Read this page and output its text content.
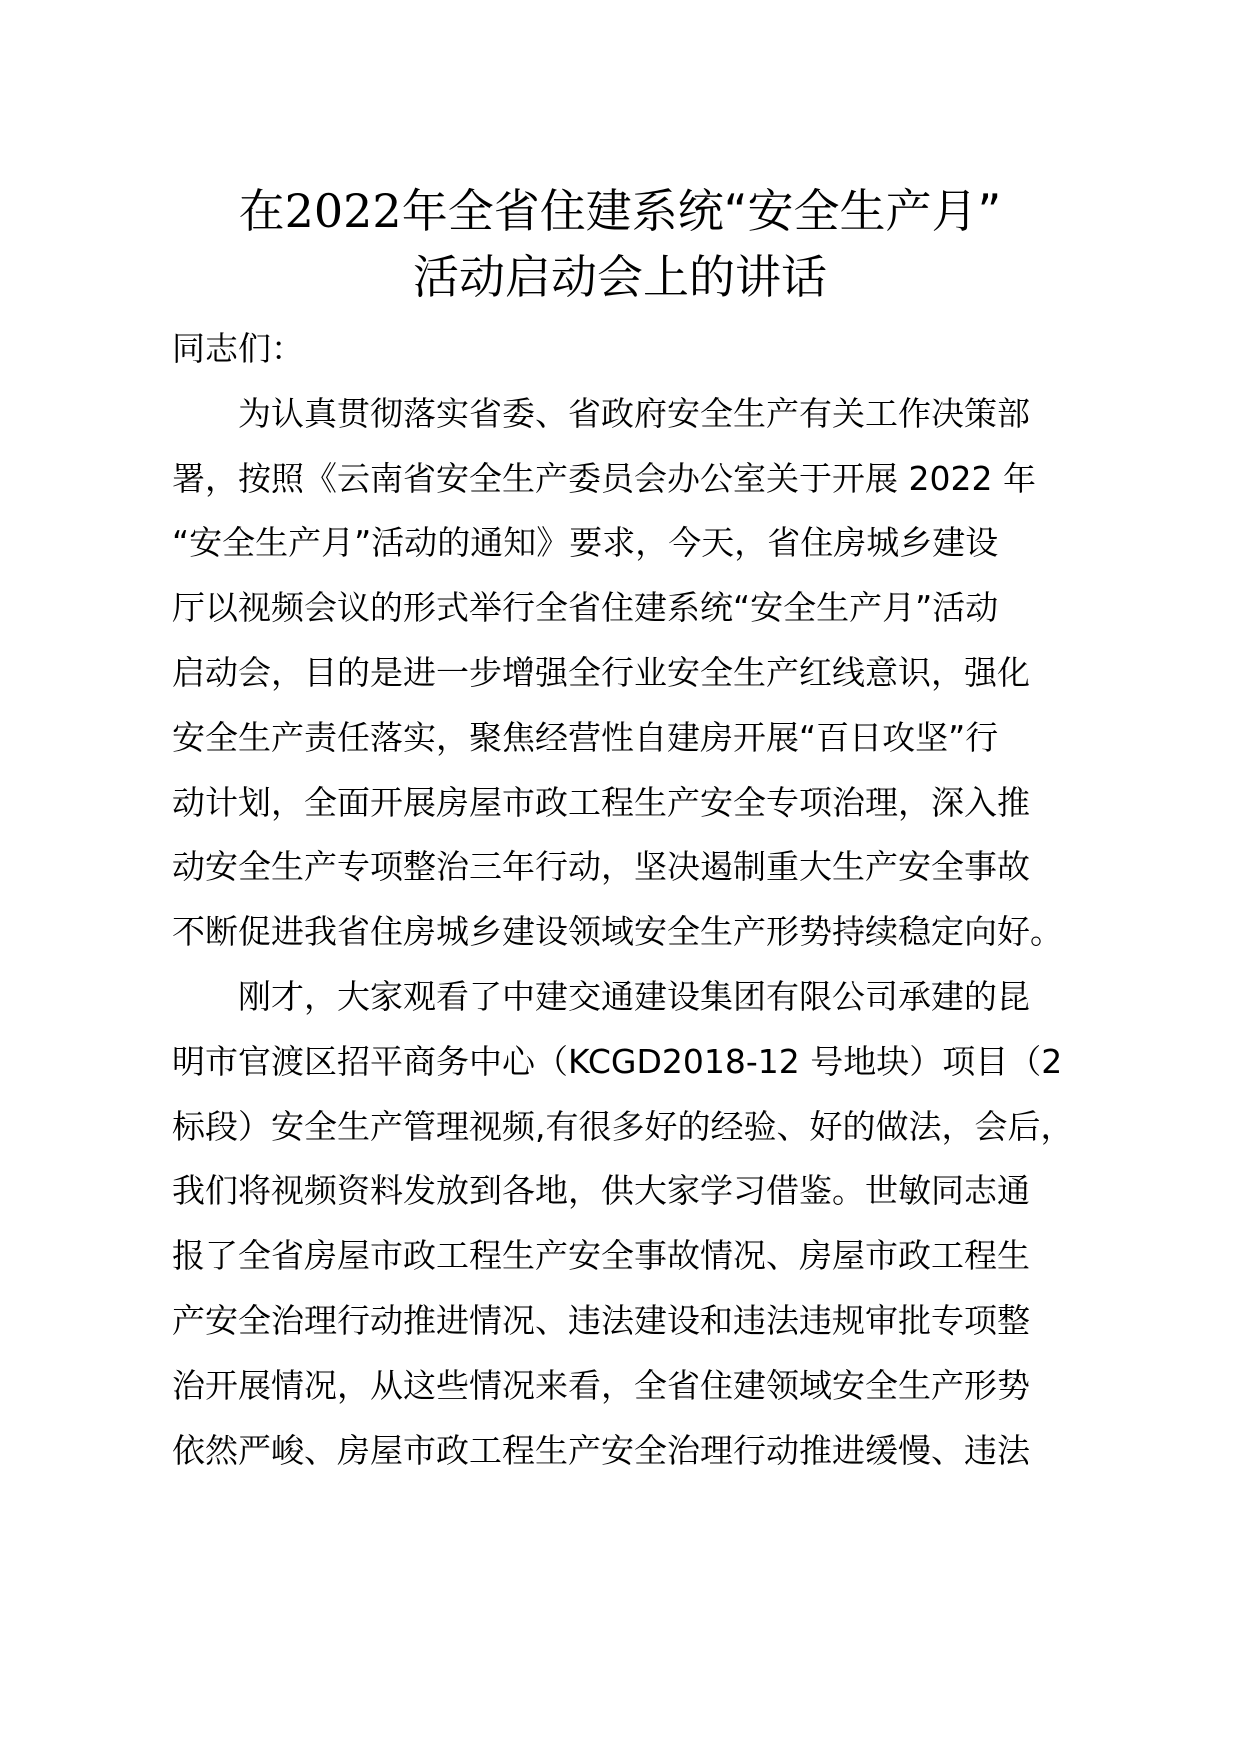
在2022年全省住建系统“安全生产月”
活动启动会上的讲话
同志们：
为认真贯彻落实省委、省政府安全生产有关工作决策部
署，按照《云南省安全生产委员会办公室关于开展 2022 年
“安全生产月”活动的通知》要求，今天，省住房城乡建设
厅以视频会议的形式举行全省住建系统“安全生产月”活动
启动会，目的是进一步增强全行业安全生产红线意识，强化
安全生产责任落实，聚焦经营性自建房开展“百日攻坚”行
动计划，全面开展房屋市政工程生产安全专项治理，深入推
动安全生产专项整治三年行动，坚决遏制重大生产安全事故
不断促进我省住房城乡建设领域安全生产形势持续稳定向好。
刚才，大家观看了中建交通建设集团有限公司承建的昆
明市官渡区招平商务中心（KCGD2018-12 号地块）项目（2
标段）安全生产管理视频,有很多好的经验、好的做法，会后，
我们将视频资料发放到各地，供大家学习借鉴。世敏同志通
报了全省房屋市政工程生产安全事故情况、房屋市政工程生
产安全治理行动推进情况、违法建设和违法违规审批专项整
治开展情况，从这些情况来看，全省住建领域安全生产形势
依然严峻、房屋市政工程生产安全治理行动推进缓慢、违法
